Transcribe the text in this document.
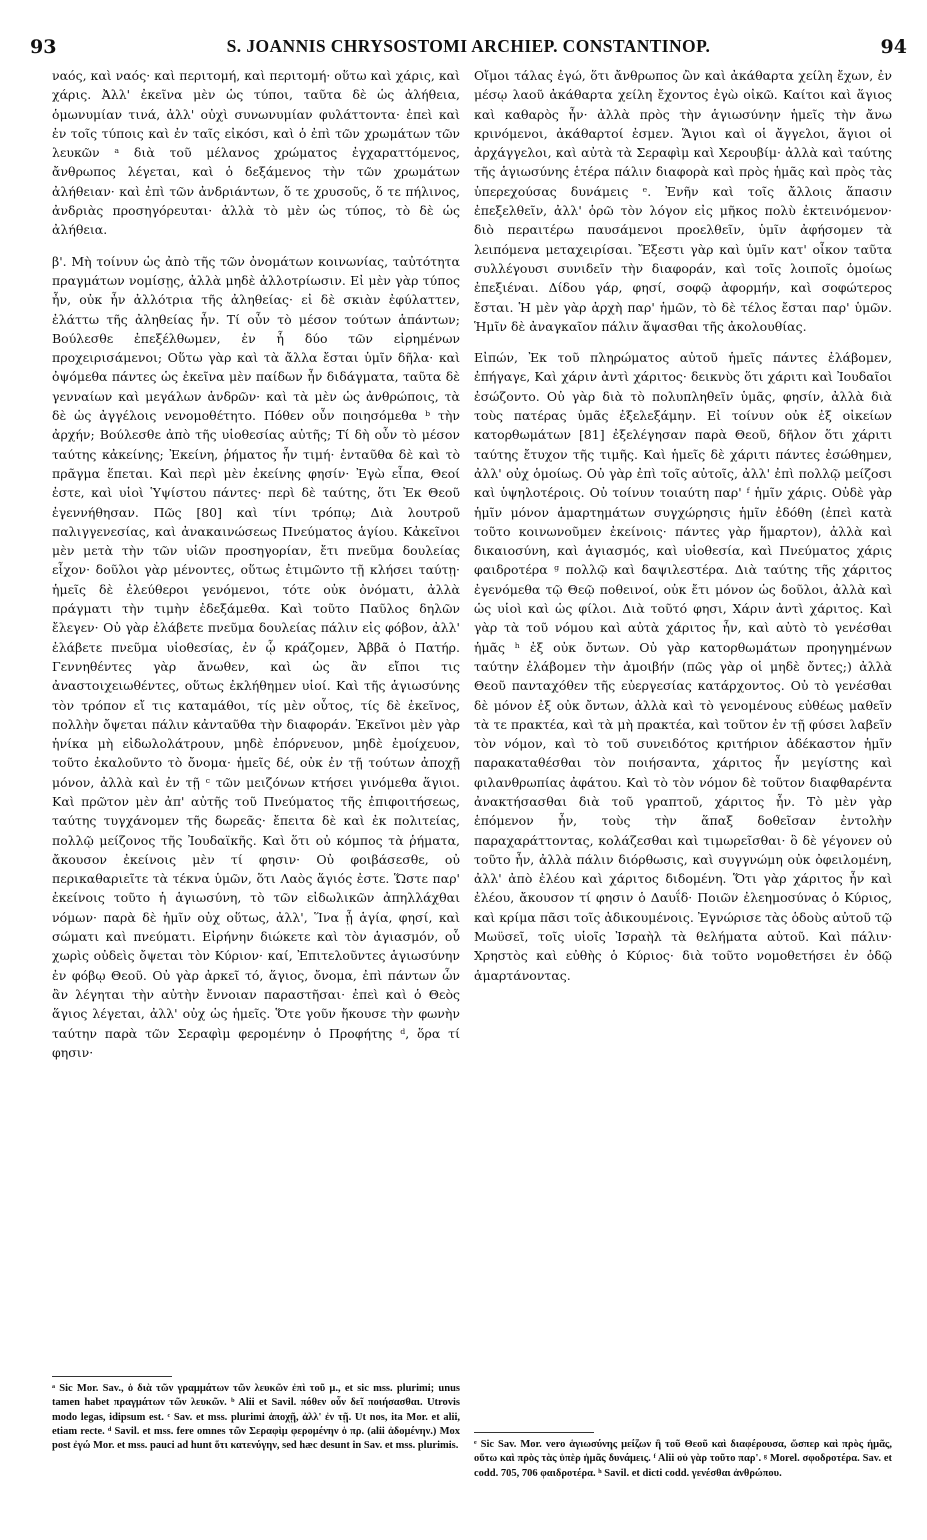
93	S. JOANNIS CHRYSOSTOMI ARCHIEP. CONSTANTINOP.	94

ναός, καὶ ναός· καὶ περιτομή, καὶ περιτομή· οὕτω καὶ χάρις, καὶ χάρις. Ἀλλ' ἐκεῖνα μὲν ὡς τύποι, ταῦτα δὲ ὡς ἀλήθεια, ὁμωνυμίαν τινά, ἀλλ' οὐχὶ συνωνυμίαν φυλάττοντα· ἐπεὶ καὶ ἐν τοῖς τύποις καὶ ἐν ταῖς εἰκόσι, καὶ ὁ ἐπὶ τῶν χρωμάτων τῶν λευκῶν ᵃ διὰ τοῦ μέλανος χρώματος ἐγχαραττόμενος, ἄνθρωπος λέγεται, καὶ ὁ δεξάμενος τὴν τῶν χρωμάτων ἀλήθειαν· καὶ ἐπὶ τῶν ἀνδριάντων, ὅ τε χρυσοῦς, ὅ τε πήλινος, ἀνδριὰς προσηγόρευται· ἀλλὰ τὸ μὲν ὡς τύπος, τὸ δὲ ὡς ἀλήθεια.

β'. Μὴ τοίνυν ὡς ἀπὸ τῆς τῶν ὀνομάτων κοινωνίας, ταὐτότητα πραγμάτων νομίσῃς, ἀλλὰ μηδὲ ἀλλοτρίωσιν. Εἰ μὲν γὰρ τύπος ἦν, οὐκ ἦν ἀλλότρια τῆς ἀληθείας· εἰ δὲ σκιὰν ἐφύλαττεν, ἐλάττω τῆς ἀληθείας ἦν. Τί οὖν τὸ μέσον τούτων ἁπάντων; Βούλεσθε ἐπεξέλθωμεν, ἐν ἧ δύο τῶν εἰρημένων προχειρισάμενοι; Οὕτω γὰρ καὶ τὰ ἄλλα ἔσται ὑμῖν δῆλα· καὶ ὀψόμεθα πάντες ὡς ἐκεῖνα μὲν παίδων ἦν διδάγματα, ταῦτα δὲ γενναίων καὶ μεγάλων ἀνδρῶν· καὶ τὰ μὲν ὡς ἀνθρώποις, τὰ δὲ ὡς ἀγγέλοις νενομοθέτητο. Πόθεν οὖν ποιησόμεθα ᵇ τὴν ἀρχήν; Βούλεσθε ἀπὸ τῆς υἱοθεσίας αὐτῆς; Τί δὴ οὖν τὸ μέσον ταύτης κἀκείνης; Ἐκείνη, ῥήματος ἦν τιμή· ἐνταῦθα δὲ καὶ τὸ πρᾶγμα ἕπεται. Καὶ περὶ μὲν ἐκείνης φησίν· Ἐγὼ εἶπα, Θεοί ἐστε, καὶ υἱοὶ Ὑψίστου πάντες· περὶ δὲ ταύτης, ὅτι Ἐκ Θεοῦ ἐγεννήθησαν. Πῶς [80] καὶ τίνι τρόπῳ; Διὰ λουτροῦ παλιγγενεσίας, καὶ ἀνακαινώσεως Πνεύματος ἁγίου. Κἀκεῖνοι μὲν μετὰ τὴν τῶν υἱῶν προσηγορίαν, ἔτι πνεῦμα δουλείας εἶχον· δοῦλοι γὰρ μένοντες, οὕτως ἐτιμῶντο τῇ κλήσει ταύτῃ· ἡμεῖς δὲ ἐλεύθεροι γενόμενοι, τότε οὐκ ὀνόματι, ἀλλὰ πράγματι τὴν τιμὴν ἐδεξάμεθα. Καὶ τοῦτο Παῦλος δηλῶν ἔλεγεν· Οὐ γὰρ ἐλάβετε πνεῦμα δουλείας πάλιν εἰς φόβον, ἀλλ' ἐλάβετε πνεῦμα υἱοθεσίας, ἐν ᾧ κράζομεν, Ἀββᾶ ὁ Πατήρ. Γεννηθέντες γὰρ ἄνωθεν, καὶ ὡς ἂν εἴποι τις ἀναστοιχειωθέντες, οὕτως ἐκλήθημεν υἱοί. Καὶ τῆς ἁγιωσύνης τὸν τρόπον εἴ τις καταμάθοι, τίς μὲν οὗτος, τίς δὲ ἐκεῖνος, πολλὴν ὄψεται πάλιν κἀνταῦθα τὴν διαφοράν. Ἐκεῖνοι μὲν γὰρ ἡνίκα μὴ εἰδωλολάτρουν, μηδὲ ἐπόρνευον, μηδὲ ἐμοίχευον, τοῦτο ἐκαλοῦντο τὸ ὄνομα· ἡμεῖς δέ, οὐκ ἐν τῇ τούτων ἀποχῇ μόνον, ἀλλὰ καὶ ἐν τῇ ᶜ τῶν μειζόνων κτήσει γινόμεθα ἅγιοι. Καὶ πρῶτον μὲν ἀπ' αὐτῆς τοῦ Πνεύματος τῆς ἐπιφοιτήσεως, ταύτης τυγχάνομεν τῆς δωρεᾶς· ἔπειτα δὲ καὶ ἐκ πολιτείας, πολλῷ μείζονος τῆς Ἰουδαϊκῆς. Καὶ ὅτι οὐ κόμπος τὰ ῥήματα, ἄκουσον ἐκείνοις μὲν τί φησιν· Οὐ φοιβάσεσθε, οὐ περικαθαριεῖτε τὰ τέκνα ὑμῶν, ὅτι Λαὸς ἅγιός ἐστε. Ὥστε παρ' ἐκείνοις τοῦτο ἡ ἁγιωσύνη, τὸ τῶν εἰδωλικῶν ἀπηλλάχθαι νόμων· παρὰ δὲ ἡμῖν οὐχ οὕτως, ἀλλ', Ἵνα ᾖ ἁγία, φησί, καὶ σώματι καὶ πνεύματι. Εἰρήνην διώκετε καὶ τὸν ἁγιασμόν, οὗ χωρὶς οὐδεὶς ὄψεται τὸν Κύριον· καί, Ἐπιτελοῦντες ἁγιωσύνην ἐν φόβῳ Θεοῦ. Οὐ γὰρ ἀρκεῖ τό, ἅγιος, ὄνομα, ἐπὶ πάντων ὧν ἂν λέγηται τὴν αὐτὴν ἔννοιαν παραστῆσαι· ἐπεὶ καὶ ὁ Θεὸς ἅγιος λέγεται, ἀλλ' οὐχ ὡς ἡμεῖς. Ὅτε γοῦν ἤκουσε τὴν φωνὴν ταύτην παρὰ τῶν Σεραφὶμ φερομένην ὁ Προφήτης ᵈ, ὅρα τί φησιν·

Οἴμοι τάλας ἐγώ, ὅτι ἄνθρωπος ὢν καὶ ἀκάθαρτα χείλη ἔχων, ἐν μέσῳ λαοῦ ἀκάθαρτα χείλη ἔχοντος ἐγὼ οἰκῶ. Καίτοι καὶ ἅγιος καὶ καθαρὸς ἦν· ἀλλὰ πρὸς τὴν ἁγιωσύνην ἡμεῖς τὴν ἄνω κρινόμενοι, ἀκάθαρτοί ἐσμεν. Ἅγιοι καὶ οἱ ἄγγελοι, ἅγιοι οἱ ἀρχάγγελοι, καὶ αὐτὰ τὰ Σεραφὶμ καὶ Χερουβίμ· ἀλλὰ καὶ ταύτης τῆς ἁγιωσύνης ἑτέρα πάλιν διαφορὰ καὶ πρὸς ἡμᾶς καὶ πρὸς τὰς ὑπερεχούσας δυνάμεις ᵉ. Ἐνῆν καὶ τοῖς ἄλλοις ἅπασιν ἐπεξελθεῖν, ἀλλ' ὁρῶ τὸν λόγον εἰς μῆκος πολὺ ἐκτεινόμενον· διὸ περαιτέρω παυσάμενοι προελθεῖν, ὑμῖν ἀφήσομεν τὰ λειπόμενα μεταχειρίσαι. Ἔξεστι γὰρ καὶ ὑμῖν κατ' οἶκον ταῦτα συλλέγουσι συνιδεῖν τὴν διαφοράν, καὶ τοῖς λοιποῖς ὁμοίως ἐπεξιέναι. Δίδου γάρ, φησί, σοφῷ ἀφορμήν, καὶ σοφώτερος ἔσται. Ἡ μὲν γὰρ ἀρχὴ παρ' ἡμῶν, τὸ δὲ τέλος ἔσται παρ' ὑμῶν. Ἡμῖν δὲ ἀναγκαῖον πάλιν ἅψασθαι τῆς ἀκολουθίας.

Εἰπών, Ἐκ τοῦ πληρώματος αὐτοῦ ἡμεῖς πάντες ἐλάβομεν, ἐπήγαγε, Καὶ χάριν ἀντὶ χάριτος· δεικνὺς ὅτι χάριτι καὶ Ἰουδαῖοι ἐσώζοντο. Οὐ γὰρ διὰ τὸ πολυπληθεῖν ὑμᾶς, φησίν, ἀλλὰ διὰ τοὺς πατέρας ὑμᾶς ἐξελεξάμην. Εἰ τοίνυν οὐκ ἐξ οἰκείων κατορθωμάτων [81] ἐξελέγησαν παρὰ Θεοῦ, δῆλον ὅτι χάριτι ταύτης ἔτυχον τῆς τιμῆς. Καὶ ἡμεῖς δὲ χάριτι πάντες ἐσώθημεν, ἀλλ' οὐχ ὁμοίως. Οὐ γὰρ ἐπὶ τοῖς αὐτοῖς, ἀλλ' ἐπὶ πολλῷ μείζοσι καὶ ὑψηλοτέροις. Οὐ τοίνυν τοιαύτη παρ' ᶠ ἡμῖν χάρις. Οὐδὲ γὰρ ἡμῖν μόνον ἁμαρτημάτων συγχώρησις ἡμῖν ἐδόθη (ἐπεὶ κατὰ τοῦτο κοινωνοῦμεν ἐκείνοις· πάντες γὰρ ἥμαρτον), ἀλλὰ καὶ δικαιοσύνη, καὶ ἁγιασμός, καὶ υἱοθεσία, καὶ Πνεύματος χάρις φαιδροτέρα ᵍ πολλῷ καὶ δαψιλεστέρα. Διὰ ταύτης τῆς χάριτος ἐγενόμεθα τῷ Θεῷ ποθεινοί, οὐκ ἔτι μόνον ὡς δοῦλοι, ἀλλὰ καὶ ὡς υἱοὶ καὶ ὡς φίλοι. Διὰ τοῦτό φησι, Χάριν ἀντὶ χάριτος. Καὶ γὰρ τὰ τοῦ νόμου καὶ αὐτὰ χάριτος ἦν, καὶ αὐτὸ τὸ γενέσθαι ἡμᾶς ʰ ἐξ οὐκ ὄντων. Οὐ γὰρ κατορθωμάτων προηγημένων ταύτην ἐλάβομεν τὴν ἀμοιβήν (πῶς γὰρ οἱ μηδὲ ὄντες;) ἀλλὰ Θεοῦ πανταχόθεν τῆς εὐεργεσίας κατάρχοντος. Οὐ τὸ γενέσθαι δὲ μόνον ἐξ οὐκ ὄντων, ἀλλὰ καὶ τὸ γενομένους εὐθέως μαθεῖν τὰ τε πρακτέα, καὶ τὰ μὴ πρακτέα, καὶ τοῦτον ἐν τῇ φύσει λαβεῖν τὸν νόμον, καὶ τὸ τοῦ συνειδότος κριτήριον ἀδέκαστον ἡμῖν παρακαταθέσθαι τὸν ποιήσαντα, χάριτος ἦν μεγίστης καὶ φιλανθρωπίας ἀφάτου. Καὶ τὸ τὸν νόμον δὲ τοῦτον διαφθαρέντα ἀνακτήσασθαι διὰ τοῦ γραπτοῦ, χάριτος ἦν. Τὸ μὲν γὰρ ἑπόμενον ἦν, τοὺς τὴν ἅπαξ δοθεῖσαν ἐντολὴν παραχαράττοντας, κολάζεσθαι καὶ τιμωρεῖσθαι· ὃ δὲ γέγονεν οὐ τοῦτο ἦν, ἀλλὰ πάλιν διόρθωσις, καὶ συγγνώμη οὐκ ὀφειλομένη, ἀλλ' ἀπὸ ἐλέου καὶ χάριτος διδομένη. Ὅτι γὰρ χάριτος ἦν καὶ ἐλέου, ἄκουσον τί φησιν ὁ Δαυΐδ· Ποιῶν ἐλεημοσύνας ὁ Κύριος, καὶ κρίμα πᾶσι τοῖς ἀδικουμένοις. Ἐγνώρισε τὰς ὁδοὺς αὐτοῦ τῷ Μωϋσεῖ, τοῖς υἱοῖς Ἰσραὴλ τὰ θελήματα αὐτοῦ. Καὶ πάλιν· Χρηστὸς καὶ εὐθὴς ὁ Κύριος· διὰ τοῦτο νομοθετήσει ἐν ὁδῷ ἁμαρτάνοντας.

ᵃ Sic Mor. Sav., ὁ διὰ τῶν γραμμάτων τῶν λευκῶν ἐπὶ τοῦ μ., et sic mss. plurimi; unus tamen habet πραγμάτων τῶν λευκῶν. ᵇ Alii et Savil. πόθεν οὖν δεῖ ποιήσασθαι. Utrovis modo legas, idipsum est. ᶜ Sav. et mss. plurimi ἀποχῇ, ἀλλ' ἐν τῇ. Ut nos, ita Mor. et alii, etiam recte. ᵈ Savil. et mss. fere omnes τῶν Σεραφὶμ φερομένην ὁ πρ. (alii ἀδομένην.) Mox post ἐγώ Mor. et mss. pauci ad hunt ὅτι κατενύγην, sed hæc desunt in Sav. et mss. plurimis. ᵉ Sic Sav. Mor. vero ἁγιωσύνης μείζων ἢ τοῦ Θεοῦ καὶ διαφέρουσα, ὥσπερ καὶ πρὸς ἡμᾶς, οὕτω καὶ πρὸς τὰς ὑπὲρ ἡμᾶς δυνάμεις. ᶠ Alii οὐ γὰρ τοῦτο παρ'. ᵍ Morel. σφοδροτέρα. Sav. et codd. 705, 706 φαιδροτέρα. ʰ Savil. et dicti codd. γενέσθαι ἀνθρώπου.
